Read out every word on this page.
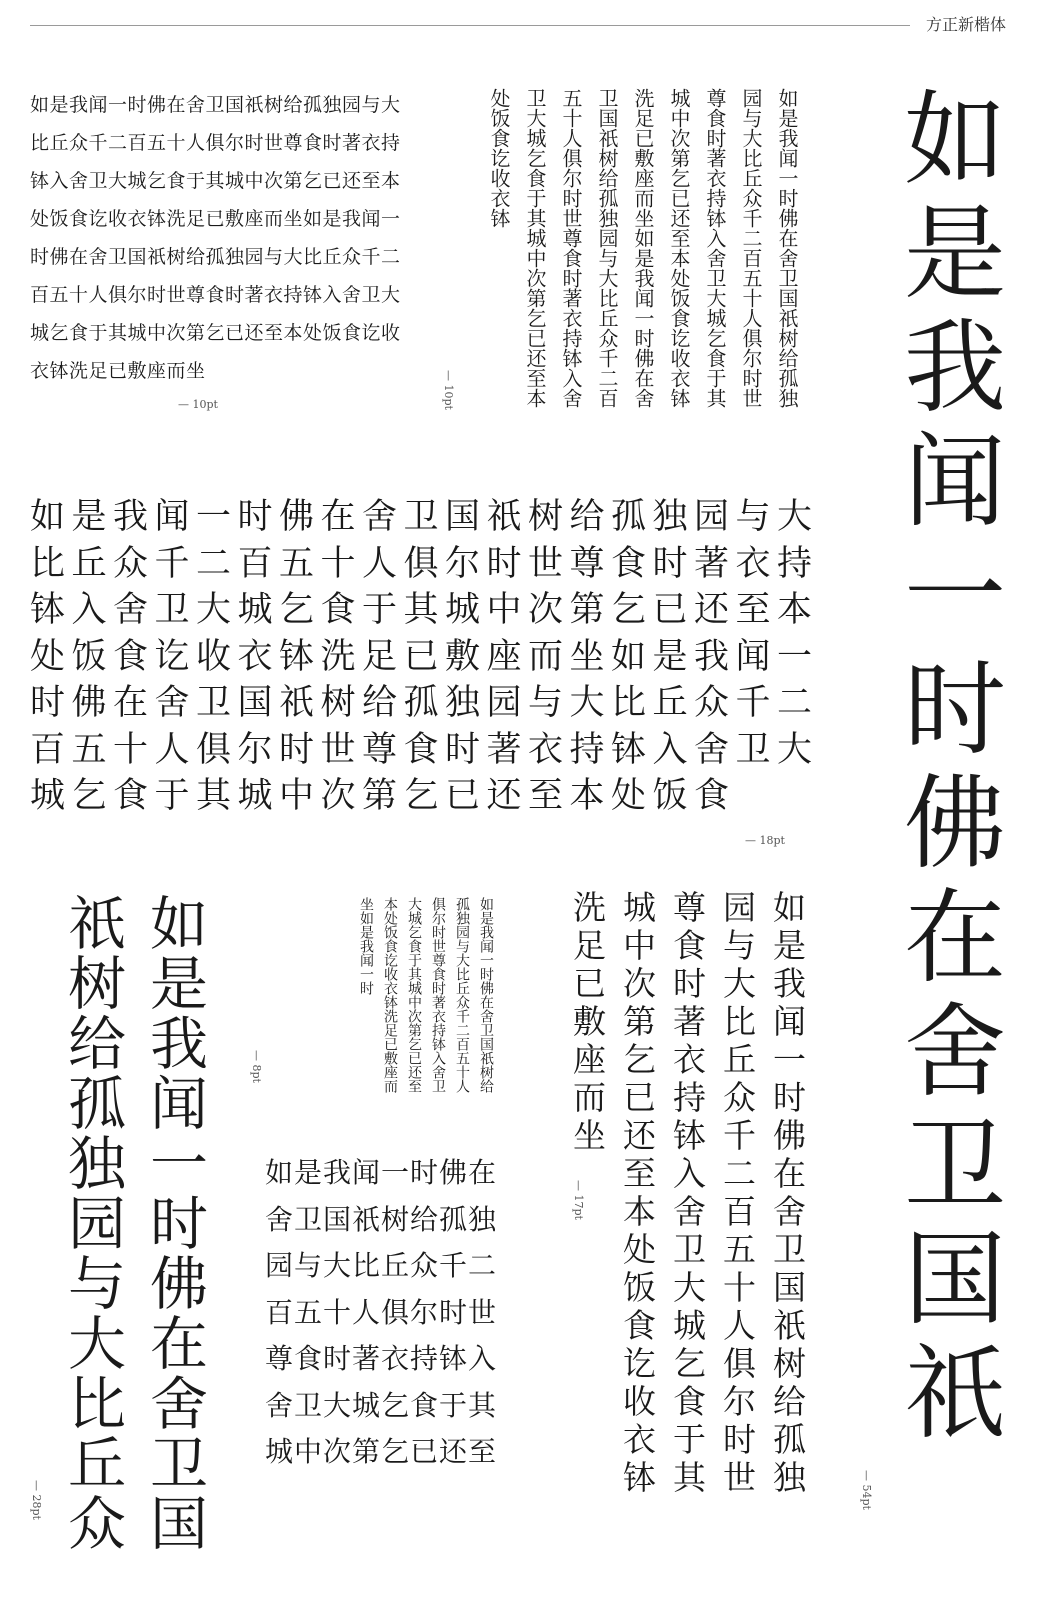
方正新楷体

如是我闻一时佛在舍卫国祇树给孤独园与大比丘众千二百五十人俱尔时世尊食时著衣持钵入舍卫大城乞食于其城中次第乞已还至本处饭食讫收衣钵洗足已敷座而坐如是我闻一时佛在舍卫国祇树给孤独园与大比丘众千二百五十人俱尔时世尊食时著衣持钵入舍卫大城乞食于其城中次第乞已还至本处饭食讫收衣钵洗足已敷座而坐

— 10pt	如是我闻一时佛在舍卫国祇树给孤独园与大比丘众千二百五十人俱尔时世尊食时著衣持钵入舍卫大城乞食于其城中次第乞已还至本处饭食讫收衣钵洗足已敷座而坐如是我闻一时佛在舍卫国祇树给孤独园与大比丘众千二百五十人俱尔时世尊食时著衣持钵入舍卫大城乞食于其城中次第乞已还至本处饭食讫收衣钵
— 10pt

如是我闻一时佛在舍卫国祇树给孤独园与大比丘众千二百五十人俱尔时世尊食时著衣持钵入舍卫大城乞食于其城中次第乞已还至本处饭食讫收衣钵洗足已敷座而坐如是我闻一时佛在舍卫国祇树给孤独园与大比丘众千二百五十人俱尔时世尊食时著衣持钵入舍卫大城乞食于其城中次第乞已还至本处饭食

— 18pt 如是我闻一时佛在舍卫国祇
— 54pt
如是我闻一时佛在舍卫国祇树给孤独园与大比丘众
— 28pt
如是我闻一时佛在舍卫国祇树给孤独园与大比丘众千二百五十人俱尔时世尊食时著衣持钵入舍卫大城乞食于其城中次第乞已还至本处饭食讫收衣钵洗足已敷座而坐如是我闻一时
— 8pt

如是我闻一时佛在舍卫国祇树给孤独园与大比丘众千二百五十人俱尔时世尊食时著衣持钵入舍卫大城乞食于其城中次第乞已还至	如是我闻一时佛在舍卫国祇树给孤独园与大比丘众千二百五十人俱尔时世尊食时著衣持钵入舍卫大城乞食于其城中次第乞已还至本处饭食讫收衣钵洗足已敷座而坐
— 17pt
